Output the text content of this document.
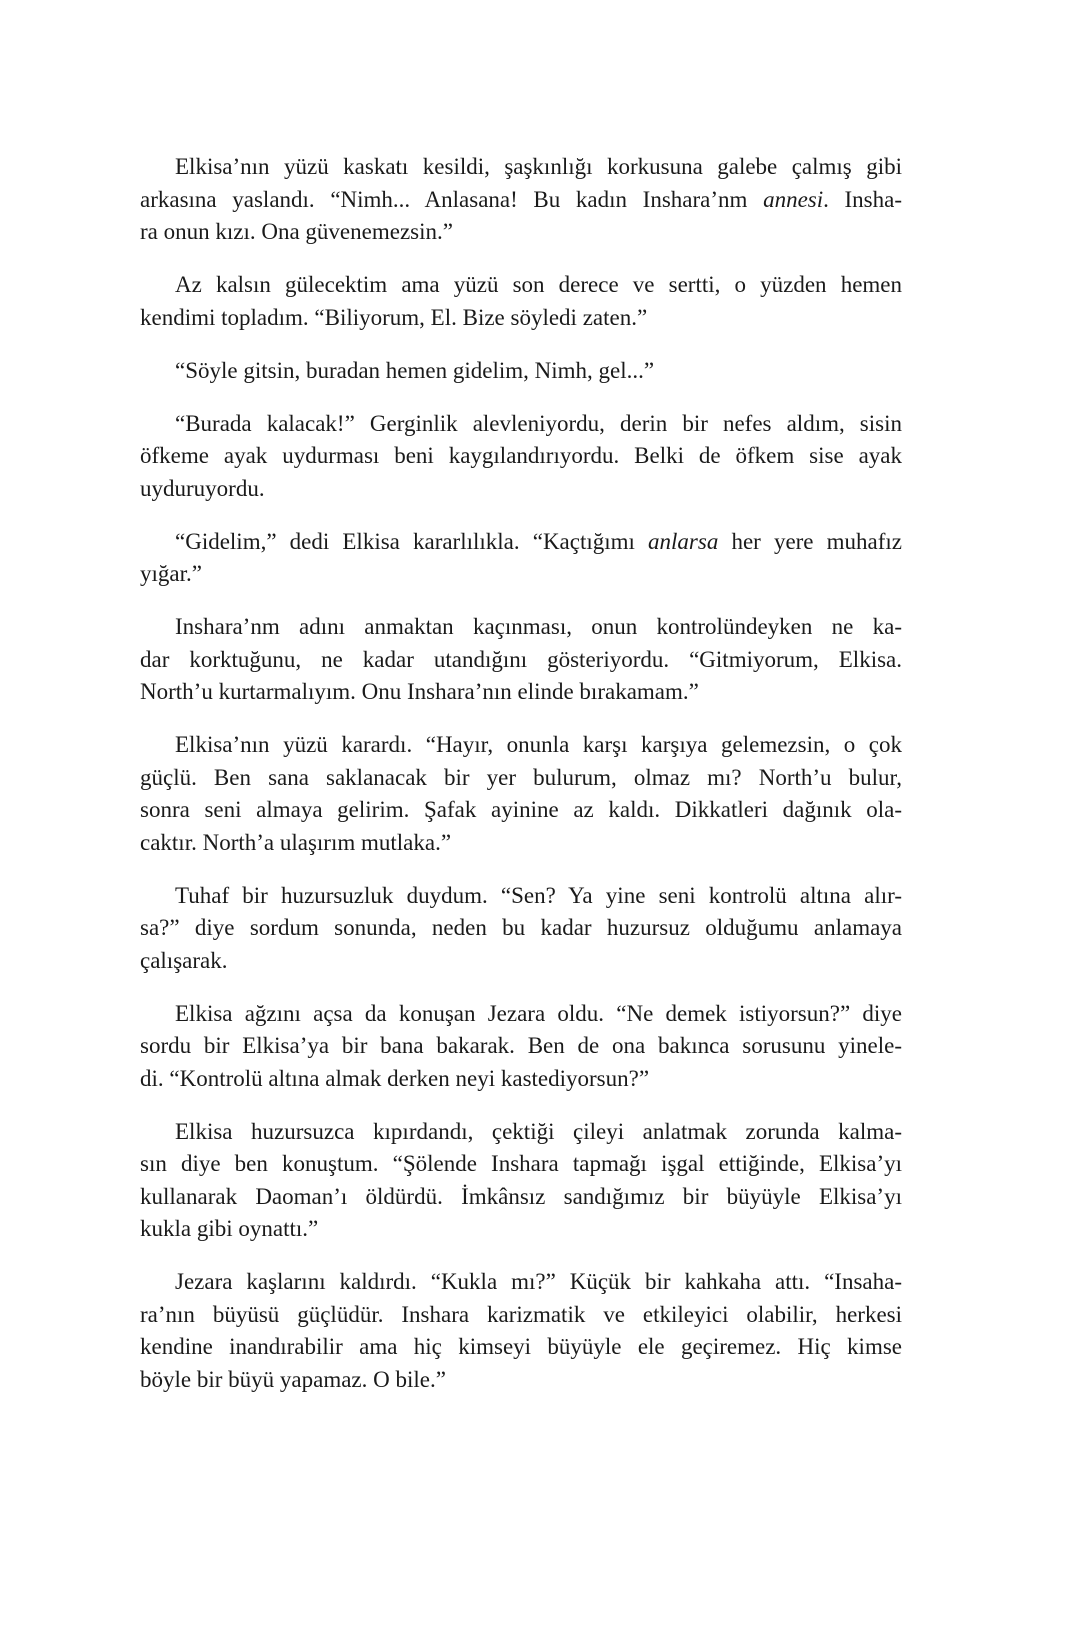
Elkisa’nın yüzü kaskatı kesildi, şaşkınlığı korkusuna galebe çalmış gibi
arkasına yaslandı. “Nimh... Anlasana! Bu kadın Inshara’nm annesi. Insha-
ra onun kızı. Ona güvenemezsin.”
Az kalsın gülecektim ama yüzü son derece ve sertti, o yüzden hemen
kendimi topladım. “Biliyorum, El. Bize söyledi zaten.”
“Söyle gitsin, buradan hemen gidelim, Nimh, gel...”
“Burada kalacak!” Gerginlik alevleniyordu, derin bir nefes aldım, sisin
öfkeme ayak uydurması beni kaygılandırıyordu. Belki de öfkem sise ayak
uyduruyordu.
“Gidelim,” dedi Elkisa kararlılıkla. “Kaçtığımı anlarsa her yere muhafız
yığar.”
Inshara’nm adını anmaktan kaçınması, onun kontrolündeyken ne ka-
dar korktuğunu, ne kadar utandığını gösteriyordu. “Gitmiyorum, Elkisa.
North’u kurtarmalıyım. Onu Inshara’nın elinde bırakamam.”
Elkisa’nın yüzü karardı. “Hayır, onunla karşı karşıya gelemezsin, o çok
güçlü. Ben sana saklanacak bir yer bulurum, olmaz mı? North’u bulur,
sonra seni almaya gelirim. Şafak ayinine az kaldı. Dikkatleri dağınık ola-
caktır. North’a ulaşırım mutlaka.”
Tuhaf bir huzursuzluk duydum. “Sen? Ya yine seni kontrolü altına alır-
sa?” diye sordum sonunda, neden bu kadar huzursuz olduğumu anlamaya
çalışarak.
Elkisa ağzını açsa da konuşan Jezara oldu. “Ne demek istiyorsun?” diye
sordu bir Elkisa’ya bir bana bakarak. Ben de ona bakınca sorusunu yinele-
di. “Kontrolü altına almak derken neyi kastediyorsun?”
Elkisa huzursuzca kıpırdandı, çektiği çileyi anlatmak zorunda kalma-
sın diye ben konuştum. “Şölende Inshara tapmağı işgal ettiğinde, Elkisa’yı
kullanarak Daoman’ı öldürdü. İmkânsız sandığımız bir büyüyle Elkisa’yı
kukla gibi oynattı.”
Jezara kaşlarını kaldırdı. “Kukla mı?” Küçük bir kahkaha attı. “Insaha-
ra’nın büyüsü güçlüdür. Inshara karizmatik ve etkileyici olabilir, herkesi
kendine inandırabilir ama hiç kimseyi büyüyle ele geçiremez. Hiç kimse
böyle bir büyü yapamaz. O bile.”
